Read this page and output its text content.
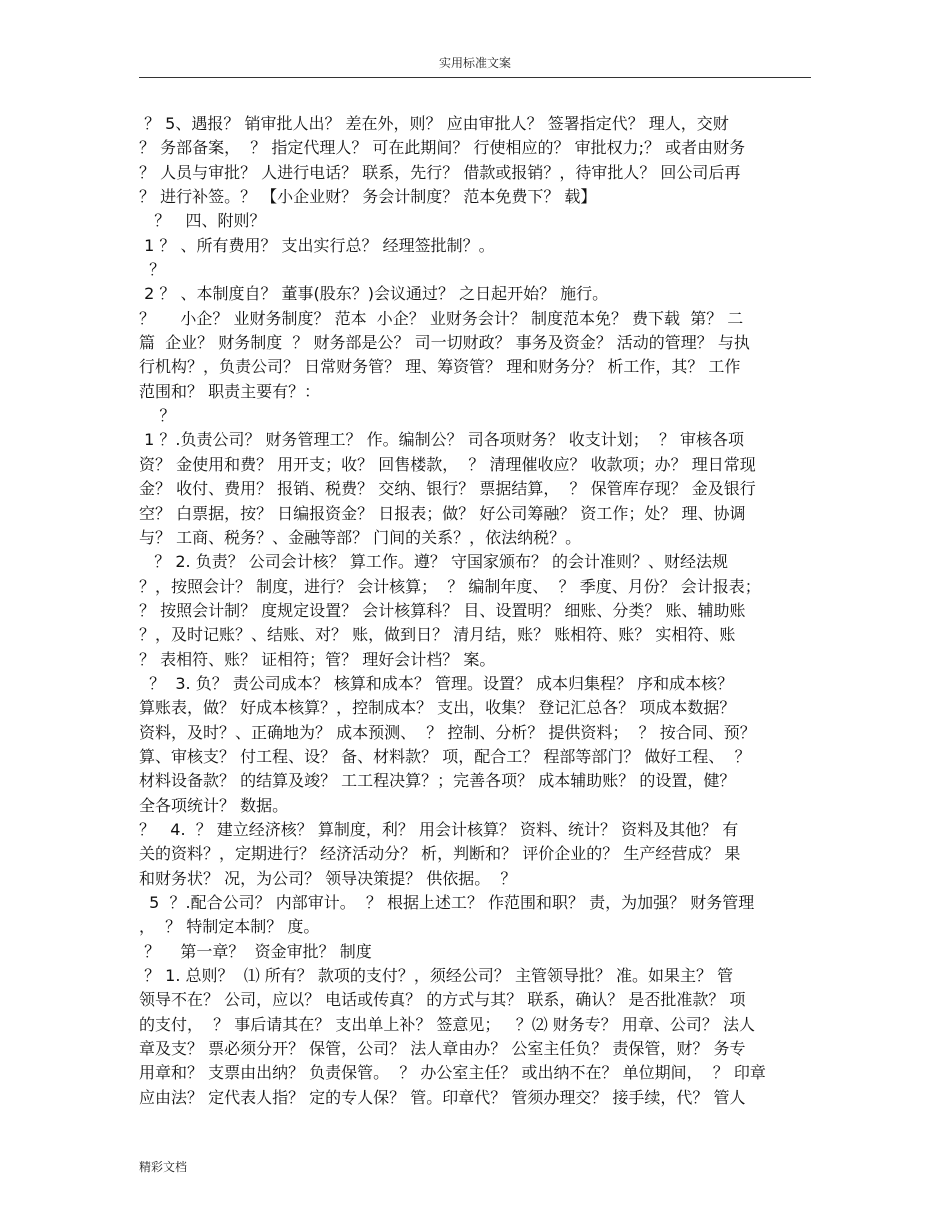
实用标准文案
？ 5、遇报？ 销审批人出？ 差在外，则？ 应由审批人？ 签署指定代？ 理人，交财
？ 务部备案，  ？ 指定代理人？ 可在此期间？ 行使相应的？ 审批权力;？ 或者由财务
？ 人员与审批？ 人进行电话？ 联系，先行？ 借款或报销？，待审批人？ 回公司后再
？ 进行补签。？ 【小企业财？ 务会计制度？ 范本免费下？ 载】
？   四、附则？
1 ？ 、所有费用？ 支出实行总？ 经理签批制？。
？
2 ？ 、本制度自？ 董事(股东？)会议通过？ 之日起开始？ 施行。
？     小企？ 业财务制度？ 范本  小企？ 业财务会计？ 制度范本免？ 费下载  第？ 二
篇  企业？ 财务制度  ？ 财务部是公？ 司一切财政？ 事务及资金？ 活动的管理？ 与执
行机构？，负责公司？ 日常财务管？ 理、筹资管？ 理和财务分？ 析工作，其？ 工作
范围和？ 职责主要有？：
？
1 ？.负责公司？ 财务管理工？ 作。编制公？ 司各项财务？ 收支计划；  ？ 审核各项
资？ 金使用和费？ 用开支；收？ 回售楼款，  ？ 清理催收应？ 收款项；办？ 理日常现
金？ 收付、费用？ 报销、税费？ 交纳、银行？ 票据结算，  ？ 保管库存现？ 金及银行
空？ 白票据，按？ 日编报资金？ 日报表；做？ 好公司筹融？ 资工作；处？ 理、协调
与？ 工商、税务？、金融等部？ 门间的关系？，依法纳税？。
？ 2. 负责？ 公司会计核？ 算工作。遵？ 守国家颁布？ 的会计准则？、财经法规
？，按照会计？ 制度，进行？ 会计核算；  ？ 编制年度、  ？ 季度、月份？ 会计报表；
？ 按照会计制？ 度规定设置？ 会计核算科？ 目、设置明？ 细账、分类？ 账、辅助账
？，及时记账？、结账、对？ 账，做到日？ 清月结，账？ 账相符、账？ 实相符、账
？ 表相符、账？ 证相符；管？ 理好会计档？ 案。
？  3. 负？ 责公司成本？ 核算和成本？ 管理。设置？ 成本归集程？ 序和成本核？
算账表，做？ 好成本核算？，控制成本？ 支出，收集？ 登记汇总各？ 项成本数据？
资料，及时？、正确地为？ 成本预测、  ？ 控制、分析？ 提供资料；  ？ 按合同、预？
算、审核支？ 付工程、设？ 备、材料款？ 项，配合工？ 程部等部门？ 做好工程、  ？
材料设备款？ 的结算及竣？ 工工程决算？；完善各项？ 成本辅助账？ 的设置，健？
全各项统计？ 数据。
？   4.  ？ 建立经济核？ 算制度，利？ 用会计核算？ 资料、统计？ 资料及其他？ 有
关的资料？，定期进行？ 经济活动分？ 析，判断和？ 评价企业的？ 生产经营成？ 果
和财务状？ 况，为公司？ 领导决策提？ 供依据。  ？
5  ？.配合公司？ 内部审计。  ？ 根据上述工？ 作范围和职？ 责，为加强？ 财务管理
，  ？ 特制定本制？ 度。
？    第一章？  资金审批？ 制度
？ 1. 总则？  ⑴ 所有？ 款项的支付？，须经公司？ 主管领导批？ 准。如果主？ 管
领导不在？ 公司，应以？ 电话或传真？ 的方式与其？ 联系，确认？ 是否批准款？ 项
的支付，  ？ 事后请其在？ 支出单上补？ 签意见；   ？⑵ 财务专？ 用章、公司？ 法人
章及支？ 票必须分开？ 保管，公司？ 法人章由办？ 公室主任负？ 责保管，财？ 务专
用章和？ 支票由出纳？ 负责保管。  ？ 办公室主任？ 或出纳不在？ 单位期间，  ？ 印章
应由法？ 定代表人指？ 定的专人保？ 管。印章代？ 管须办理交？ 接手续，代？ 管人
精彩文档
